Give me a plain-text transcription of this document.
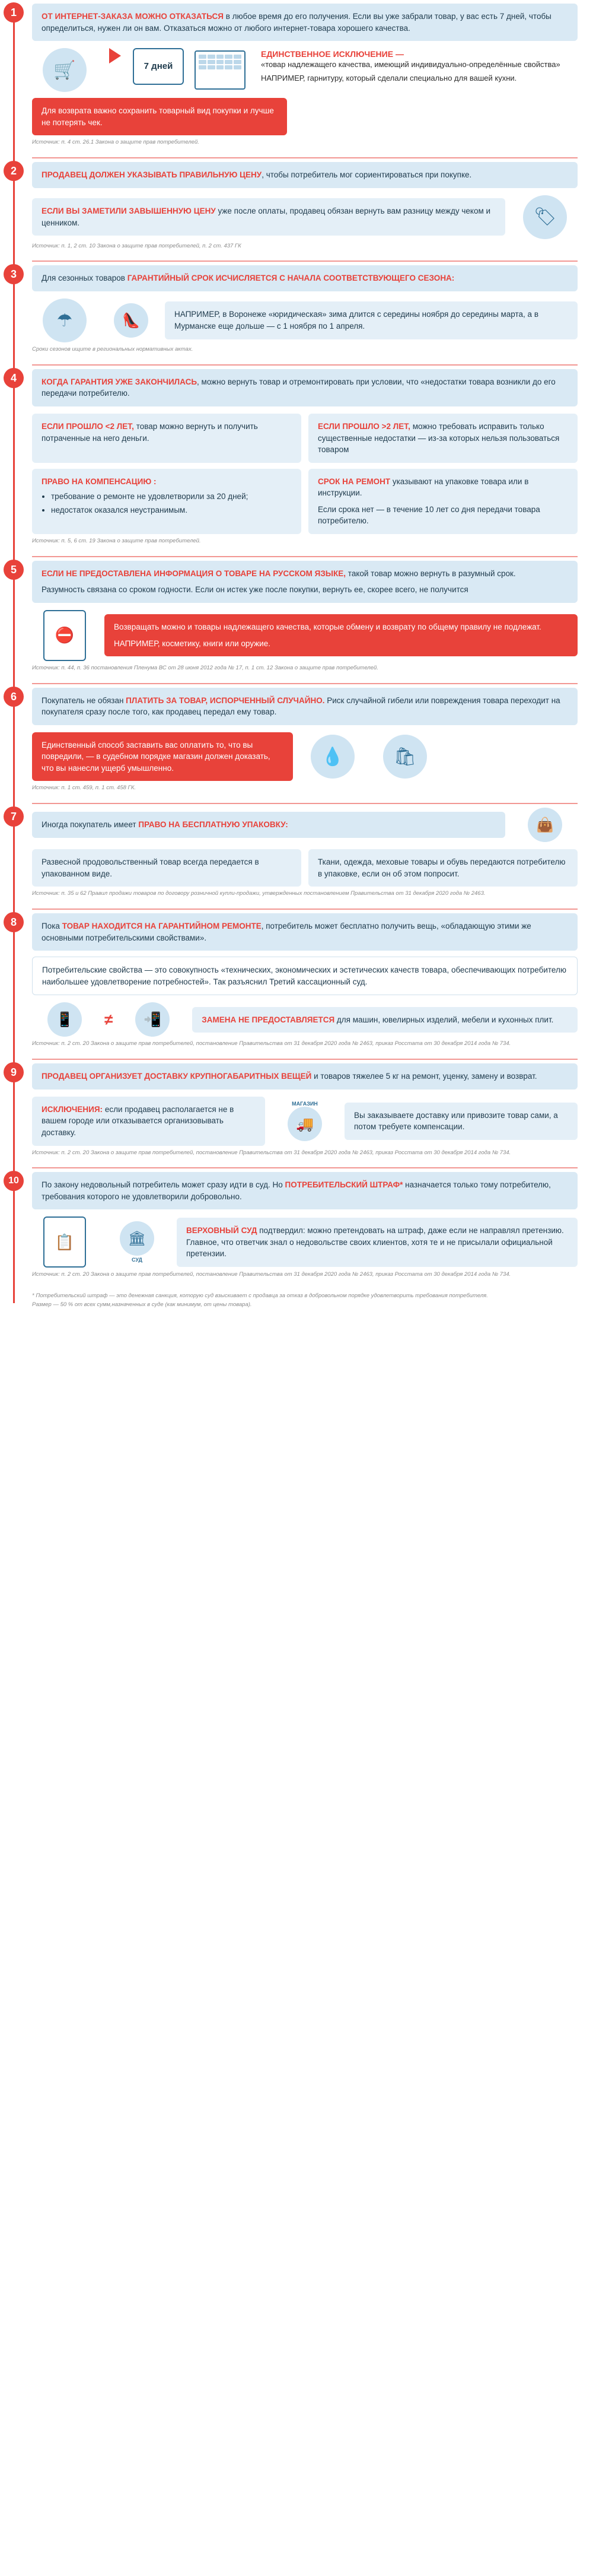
1	ОТ ИНТЕРНЕТ-ЗАКАЗА МОЖНО ОТКАЗАТЬСЯ в любое время до его получения. Если вы уже забрали товар, у вас есть 7 дней, чтобы определиться, нужен ли он вам. Отказаться можно от любого интернет-товара хорошего качества.
🛒	7 дней
ЕДИНСТВЕННОЕ ИСКЛЮЧЕНИЕ —
«товар надлежащего качества, имеющий индивидуально-определённые свойства»
НАПРИМЕР, гарнитуру, который сделали специально для вашей кухни.
Для возврата важно сохранить товарный вид покупки и лучше не потерять чек.
Источник: п. 4 ст. 26.1 Закона о защите прав потребителей.
2	ПРОДАВЕЦ ДОЛЖЕН УКАЗЫВАТЬ ПРАВИЛЬНУЮ ЦЕНУ, чтобы потребитель мог сориентироваться при покупке.
ЕСЛИ ВЫ ЗАМЕТИЛИ ЗАВЫШЕННУЮ ЦЕНУ уже после оплаты, продавец обязан вернуть вам разницу между чеком и ценником.	🏷
Источник: п. 1, 2 ст. 10 Закона о защите прав потребителей, п. 2 ст. 437 ГК
3	Для сезонных товаров ГАРАНТИЙНЫЙ СРОК ИСЧИСЛЯЕТСЯ С НАЧАЛА СООТВЕТСТВУЮЩЕГО СЕЗОНА:
☂	👠	НАПРИМЕР, в Воронеже «юридическая» зима длится с середины ноября до середины марта, а в Мурманске еще дольше — с 1 ноября по 1 апреля.
Сроки сезонов ищите в региональных нормативных актах.
4	КОГДА ГАРАНТИЯ УЖЕ ЗАКОНЧИЛАСЬ, можно вернуть товар и отремонтировать при условии, что «недостатки товара возникли до его передачи потребителю.
ЕСЛИ ПРОШЛО <2 ЛЕТ, товар можно вернуть и получить потраченные на него деньги.
ЕСЛИ ПРОШЛО >2 ЛЕТ, можно требовать исправить только существенные недостатки — из-за которых нельзя пользоваться товаром
ПРАВО НА КОМПЕНСАЦИЮ :
• требование о ремонте не удовлетворили за 20 дней;
• недостаток оказался неустранимым.
СРОК НА РЕМОНТ указывают на упаковке товара или в инструкции.
Если срока нет — в течение 10 лет со дня передачи товара потребителю.
Источник: п. 5, 6 ст. 19 Закона о защите прав потребителей.
5	ЕСЛИ НЕ ПРЕДОСТАВЛЕНА ИНФОРМАЦИЯ О ТОВАРЕ НА РУССКОМ ЯЗЫКЕ, такой товар можно вернуть в разумный срок.
Разумность связана со сроком годности. Если он истек уже после покупки, вернуть ее, скорее всего, не получится
⛔	Возвращать можно и товары надлежащего качества, которые обмену и возврату по общему правилу не подлежат.
НАПРИМЕР, косметику, книги или оружие.
Источник: п. 44, п. 36 постановления Пленума ВС от 28 июня 2012 года № 17, п. 1 ст. 12 Закона о защите прав потребителей.
6	Покупатель не обязан ПЛАТИТЬ ЗА ТОВАР, ИСПОРЧЕННЫЙ СЛУЧАЙНО. Риск случайной гибели или повреждения товара переходит на покупателя сразу после того, как продавец передал ему товар.
Единственный способ заставить вас оплатить то, что вы повредили, — в судебном порядке магазин должен доказать, что вы нанесли ущерб умышленно.
💧	🛍
Источник: п. 1 ст. 459, п. 1 ст. 458 ГК.
7
Иногда покупатель имеет ПРАВО НА БЕСПЛАТНУЮ УПАКОВКУ:	👜
Развесной продовольственный товар всегда передается в упакованном виде.
Ткани, одежда, меховые товары и обувь передаются потребителю в упаковке, если он об этом попросит.
Источник: п. 35 и 62 Правил продажи товаров по договору розничной купли-продажи, утвержденных постановлением Правительства от 31 декабря 2020 года № 2463.
8	Пока ТОВАР НАХОДИТСЯ НА ГАРАНТИЙНОМ РЕМОНТЕ, потребитель может бесплатно получить вещь, «обладающую этими же основными потребительскими свойствами».
Потребительские свойства — это совокупность «технических, экономических и эстетических качеств товара, обеспечивающих потребителю наибольшее удовлетворение потребностей». Так разъяснил Третий кассационный суд.
📱	≠	📲	ЗАМЕНА НЕ ПРЕДОСТАВЛЯЕТСЯ для машин, ювелирных изделий, мебели и кухонных плит.
Источник: п. 2 ст. 20 Закона о защите прав потребителей, постановление Правительства от 31 декабря 2020 года № 2463, приказ Росстата от 30 декабря 2014 года № 734.
9	ПРОДАВЕЦ ОРГАНИЗУЕТ ДОСТАВКУ КРУПНОГАБАРИТНЫХ ВЕЩЕЙ и товаров тяжелее 5 кг на ремонт, уценку, замену и возврат.
ИСКЛЮЧЕНИЯ: если продавец располагается не в вашем городе или отказывается организовывать доставку.
МАГАЗИН
🚚
Вы заказываете доставку или привозите товар сами, а потом требуете компенсации.
Источник: п. 2 ст. 20 Закона о защите прав потребителей, постановление Правительства от 31 декабря 2020 года № 2463, приказ Росстата от 30 декабря 2014 года № 734.
10	По закону недовольный потребитель может сразу идти в суд. Но ПОТРЕБИТЕЛЬСКИЙ ШТРАФ* назначается только тому потребителю, требования которого не удовлетворили добровольно.
📋	🏛
СУД
ВЕРХОВНЫЙ СУД подтвердил: можно претендовать на штраф, даже если не направлял претензию. Главное, что ответчик знал о недовольстве своих клиентов, хотя те и не присылали официальной претензии.
Источник: п. 2 ст. 20 Закона о защите прав потребителей, постановление Правительства от 31 декабря 2020 года № 2463, приказ Росстата от 30 декабря 2014 года № 734.
* Потребительский штраф — это денежная санкция, которую суд взыскивает с продавца за отказ в добровольном порядке удовлетворить требования потребителя.
Размер — 50 % от всех сумм,назначенных в суде (как минимум, от цены товара).
